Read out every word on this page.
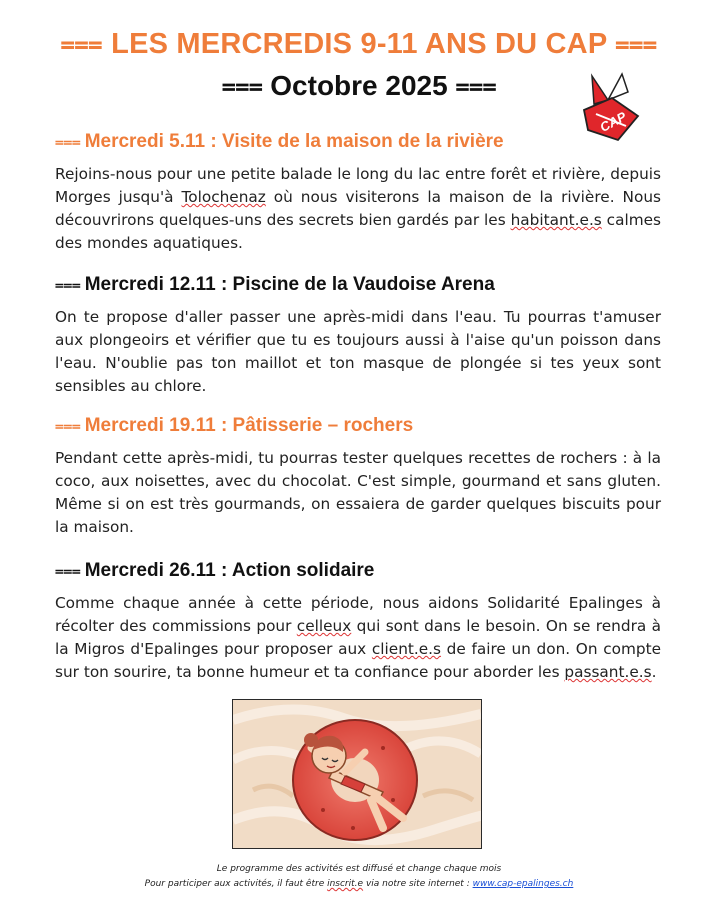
⩶ LES MERCREDIS 9-11 ANS DU CAP ⩶
⩶ Octobre 2025 ⩶
CAP
⩶ Mercredi 5.11 : Visite de la maison de la rivière
Rejoins-nous pour une petite balade le long du lac entre forêt et rivière, depuis Morges jusqu'à Tolochenaz où nous visiterons la maison de la rivière. Nous découvrirons quelques-uns des secrets bien gardés par les habitant.e.s calmes des mondes aquatiques.
⩶ Mercredi 12.11 : Piscine de la Vaudoise Arena
On te propose d'aller passer une après-midi dans l'eau. Tu pourras t'amuser aux plongeoirs et vérifier que tu es toujours aussi à l'aise qu'un poisson dans l'eau. N'oublie pas ton maillot et ton masque de plongée si tes yeux sont sensibles au chlore.
⩶ Mercredi 19.11 : Pâtisserie – rochers
Pendant cette après-midi, tu pourras tester quelques recettes de rochers : à la coco, aux noisettes, avec du chocolat. C'est simple, gourmand et sans gluten. Même si on est très gourmands, on essaiera de garder quelques biscuits pour la maison.
⩶ Mercredi 26.11 : Action solidaire
Comme chaque année à cette période, nous aidons Solidarité Epalinges à récolter des commissions pour celleux qui sont dans le besoin. On se rendra à la Migros d'Epalinges pour proposer aux client.e.s de faire un don. On compte sur ton sourire, ta bonne humeur et ta confiance pour aborder les passant.e.s.
Le programme des activités est diffusé et change chaque mois
Pour participer aux activités, il faut être inscrit.e via notre site internet : www.cap-epalinges.ch
